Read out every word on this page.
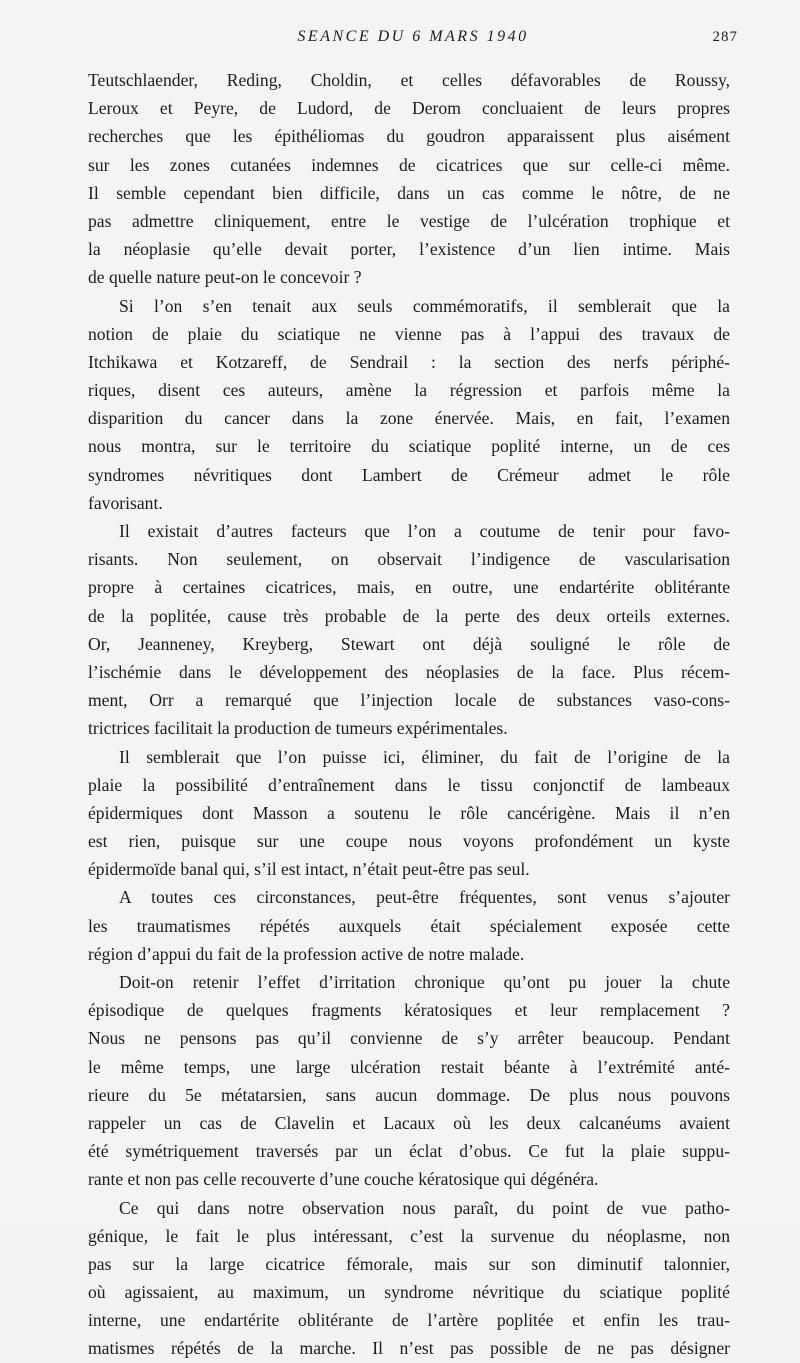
SEANCE DU 6 MARS 1940	287
Teutschlaender, Reding, Choldin, et celles défavorables de Roussy,
Leroux et Peyre, de Ludord, de Derom concluaient de leurs propres
recherches que les épithéliomas du goudron apparaissent plus aisément
sur les zones cutanées indemnes de cicatrices que sur celle-ci même.
Il semble cependant bien difficile, dans un cas comme le nôtre, de ne
pas admettre cliniquement, entre le vestige de l’ulcération trophique et
la néoplasie qu’elle devait porter, l’existence d’un lien intime. Mais
de quelle nature peut-on le concevoir ?
Si l’on s’en tenait aux seuls commémoratifs, il semblerait que la
notion de plaie du sciatique ne vienne pas à l’appui des travaux de
Itchikawa et Kotzareff, de Sendrail : la section des nerfs périphé-
riques, disent ces auteurs, amène la régression et parfois même la
disparition du cancer dans la zone énervée. Mais, en fait, l’examen
nous montra, sur le territoire du sciatique poplité interne, un de ces
syndromes névritiques dont Lambert de Crémeur admet le rôle
favorisant.
Il existait d’autres facteurs que l’on a coutume de tenir pour favo-
risants. Non seulement, on observait l’indigence de vascularisation
propre à certaines cicatrices, mais, en outre, une endartérite oblitérante
de la poplitée, cause très probable de la perte des deux orteils externes.
Or, Jeanneney, Kreyberg, Stewart ont déjà souligné le rôle de
l’ischémie dans le développement des néoplasies de la face. Plus récem-
ment, Orr a remarqué que l’injection locale de substances vaso-cons-
trictrices facilitait la production de tumeurs expérimentales.
Il semblerait que l’on puisse ici, éliminer, du fait de l’origine de la
plaie la possibilité d’entraînement dans le tissu conjonctif de lambeaux
épidermiques dont Masson a soutenu le rôle cancérigène. Mais il n’en
est rien, puisque sur une coupe nous voyons profondément un kyste
épidermoïde banal qui, s’il est intact, n’était peut-être pas seul.
A toutes ces circonstances, peut-être fréquentes, sont venus s’ajouter
les traumatismes répétés auxquels était spécialement exposée cette
région d’appui du fait de la profession active de notre malade.
Doit-on retenir l’effet d’irritation chronique qu’ont pu jouer la chute
épisodique de quelques fragments kératosiques et leur remplacement ?
Nous ne pensons pas qu’il convienne de s’y arrêter beaucoup. Pendant
le même temps, une large ulcération restait béante à l’extrémité anté-
rieure du 5e métatarsien, sans aucun dommage. De plus nous pouvons
rappeler un cas de Clavelin et Lacaux où les deux calcanéums avaient
été symétriquement traversés par un éclat d’obus. Ce fut la plaie suppu-
rante et non pas celle recouverte d’une couche kératosique qui dégénéra.
Ce qui dans notre observation nous paraît, du point de vue patho-
génique, le fait le plus intéressant, c’est la survenue du néoplasme, non
pas sur la large cicatrice fémorale, mais sur son diminutif talonnier,
où agissaient, au maximum, un syndrome névritique du sciatique poplité
interne, une endartérite oblitérante de l’artère poplitée et enfin les trau-
matismes répétés de la marche. Il n’est pas possible de ne pas désigner
